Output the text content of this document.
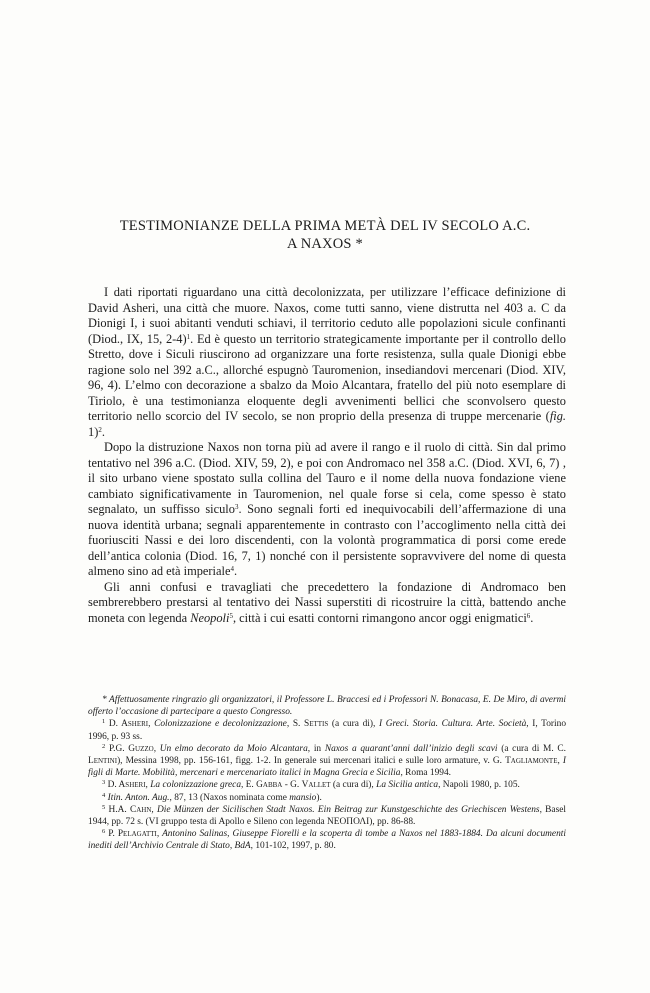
TESTIMONIANZE DELLA PRIMA METÀ DEL IV SECOLO A.C.
A NAXOS *

I dati riportati riguardano una città decolonizzata, per utilizzare l’efficace definizione di David Asheri, una città che muore. Naxos, come tutti sanno, viene distrutta nel 403 a. C da Dionigi I, i suoi abitanti venduti schiavi, il territorio ceduto alle popolazioni sicule confinanti (Diod., IX, 15, 2-4)$^1$. Ed è questo un territorio strategicamente importante per il controllo dello Stretto, dove i Siculi riuscirono ad organizzare una forte resistenza, sulla quale Dionigi ebbe ragione solo nel 392 a.C., allorché espugnò Tauromenion, insediandovi mercenari (Diod. XIV, 96, 4). L’elmo con decorazione a sbalzo da Moio Alcantara, fratello del più noto esemplare di Tiriolo, è una testimonianza eloquente degli avvenimenti bellici che sconvolsero questo territorio nello scorcio del IV secolo, se non proprio della presenza di truppe mercenarie (fig. 1)$^2$.

Dopo la distruzione Naxos non torna più ad avere il rango e il ruolo di città. Sin dal primo tentativo nel 396 a.C. (Diod. XIV, 59, 2), e poi con Andromaco nel 358 a.C. (Diod. XVI, 6, 7) , il sito urbano viene spostato sulla collina del Tauro e il nome della nuova fondazione viene cambiato significativamente in Tauromenion, nel quale forse si cela, come spesso è stato segnalato, un suffisso siculo$^3$. Sono segnali forti ed inequivocabili dell’affermazione di una nuova identità urbana; segnali apparentemente in contrasto con l’accoglimento nella città dei fuoriusciti Nassi e dei loro discendenti, con la volontà programmatica di porsi come erede dell’antica colonia (Diod. 16, 7, 1) nonché con il persistente sopravvivere del nome di questa almeno sino ad età imperiale$^4$.

Gli anni confusi e travagliati che precedettero la fondazione di Andromaco ben sembrerebbero prestarsi al tentativo dei Nassi superstiti di ricostruire la città, battendo anche moneta con legenda Neopoli$^5$, città i cui esatti contorni rimangono ancor oggi enigmatici$^6$.

* Affettuosamente ringrazio gli organizzatori, il Professore L. Braccesi ed i Professori N. Bonacasa, E. De Miro, di avermi offerto l’occasione di partecipare a questo Congresso.

$^1$ D. Asheri, Colonizzazione e decolonizzazione, S. Settis (a cura di), I Greci. Storia. Cultura. Arte. Società, I, Torino 1996, p. 93 ss.

$^2$ P.G. Guzzo, Un elmo decorato da Moio Alcantara, in Naxos a quarant’anni dall’inizio degli scavi (a cura di M. C. Lentini), Messina 1998, pp. 156-161, figg. 1-2. In generale sui mercenari italici e sulle loro armature, v. G. Tagliamonte, I figli di Marte. Mobilità, mercenari e mercenariato italici in Magna Grecia e Sicilia, Roma 1994.

$^3$ D. Asheri, La colonizzazione greca, E. Gabba - G. Vallet (a cura di), La Sicilia antica, Napoli 1980, p. 105.

$^4$ Itin. Anton. Aug., 87, 13 (Naxos nominata come mansio).

$^5$ H.A. Cahn, Die Münzen der Sicilischen Stadt Naxos. Ein Beitrag zur Kunstgeschichte des Griechiscen Westens, Basel 1944, pp. 72 s. (VI gruppo testa di Apollo e Sileno con legenda ΝΕΟΠΟΛΙ), pp. 86-88.

$^6$ P. Pelagatti, Antonino Salinas, Giuseppe Fiorelli e la scoperta di tombe a Naxos nel 1883-1884. Da alcuni documenti inediti dell’Archivio Centrale di Stato, BdA, 101-102, 1997, p. 80.
